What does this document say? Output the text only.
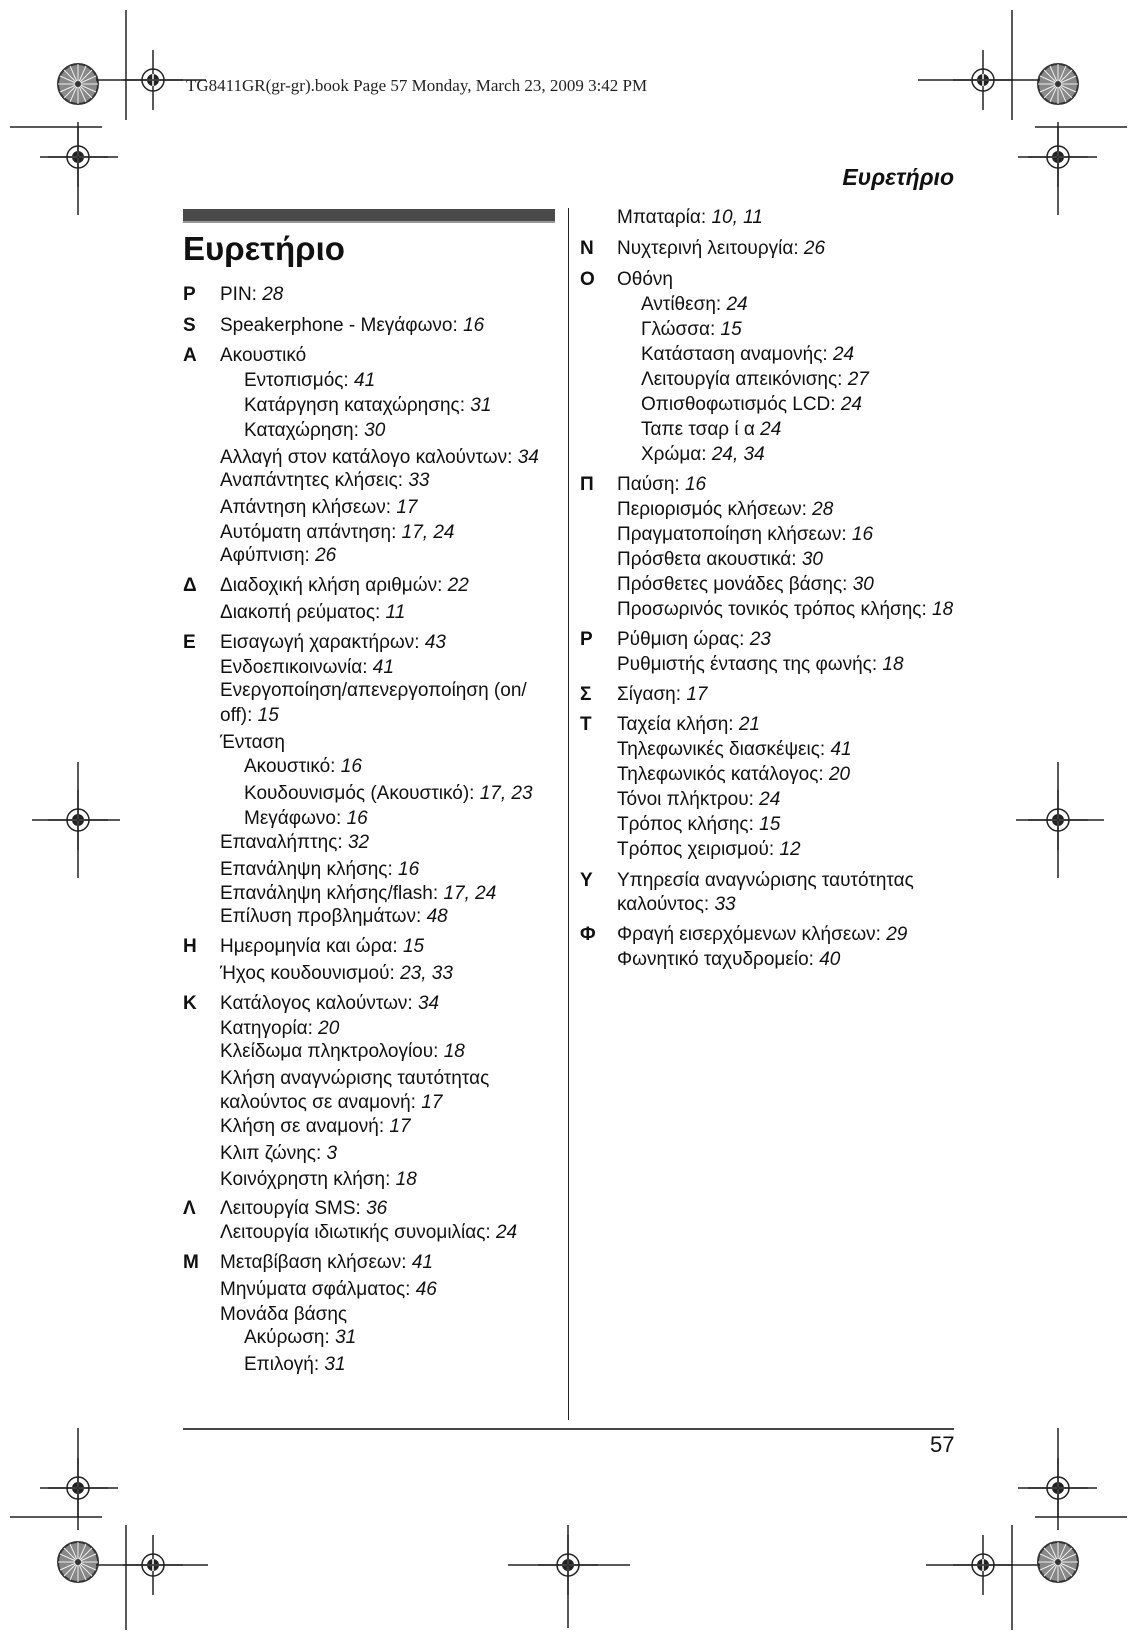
TG8411GR(gr-gr).book Page 57 Monday, March 23, 2009 3:42 PM
Ευρετήριο
Ευρετήριο
57
PIN: 28
Speakerphone - Μεγάφωνο: 16
Ακουστικό
Εντοπισμός: 41
Κατάργηση καταχώρησης: 31
Καταχώρηση: 30
Αλλαγή στον κατάλογο καλούντων: 34
Αναπάντητες κλήσεις: 33
Απάντηση κλήσεων: 17
Αυτόματη απάντηση: 17, 24
Αφύπνιση: 26
Διαδοχική κλήση αριθμών: 22
Διακοπή ρεύματος: 11
Εισαγωγή χαρακτήρων: 43
Ενδοεπικοινωνία: 41
Ενεργοποίηση/απενεργοποίηση (on/
off): 15
Ένταση
Ακουστικό: 16
Κουδουνισμός (Ακουστικό): 17, 23
Μεγάφωνο: 16
Επαναλήπτης: 32
Επανάληψη κλήσης: 16
Επανάληψη κλήσης/flash: 17, 24
Επίλυση προβλημάτων: 48
Ημερομηνία και ώρα: 15
Ήχος κουδουνισμού: 23, 33
Κατάλογος καλούντων: 34
Κατηγορία: 20
Κλείδωμα πληκτρολογίου: 18
Κλήση αναγνώρισης ταυτότητας
καλούντος σε αναμονή: 17
Κλήση σε αναμονή: 17
Κλιπ ζώνης: 3
Κοινόχρηστη κλήση: 18
Λειτουργία SMS: 36
Λειτουργία ιδιωτικής συνομιλίας: 24
Μεταβίβαση κλήσεων: 41
Μηνύματα σφάλματος: 46
Μονάδα βάσης
Ακύρωση: 31
Επιλογή: 31
P
S
A
Δ
E
H
K
Λ
M
Μπαταρία: 10, 11
Νυχτερινή λειτουργία: 26
Οθόνη
Αντίθεση: 24
Γλώσσα: 15
Κατάσταση αναμονής: 24
Λειτουργία απεικόνισης: 27
Οπισθοφωτισμός LCD: 24
Ταπε τσαρ ί α 24
Χρώμα: 24, 34
Παύση: 16
Περιορισμός κλήσεων: 28
Πραγματοποίηση κλήσεων: 16
Πρόσθετα ακουστικά: 30
Πρόσθετες μονάδες βάσης: 30
Προσωρινός τονικός τρόπος κλήσης: 18
Ρύθμιση ώρας: 23
Ρυθμιστής έντασης της φωνής: 18
Σίγαση: 17
Ταχεία κλήση: 21
Τηλεφωνικές διασκέψεις: 41
Τηλεφωνικός κατάλογος: 20
Τόνοι πλήκτρου: 24
Τρόπος κλήσης: 15
Τρόπος χειρισμού: 12
Υπηρεσία αναγνώρισης ταυτότητας
καλούντος: 33
Φραγή εισερχόμενων κλήσεων: 29
Φωνητικό ταχυδρομείο: 40
N
O
Π
P
Σ
T
Y
Φ
